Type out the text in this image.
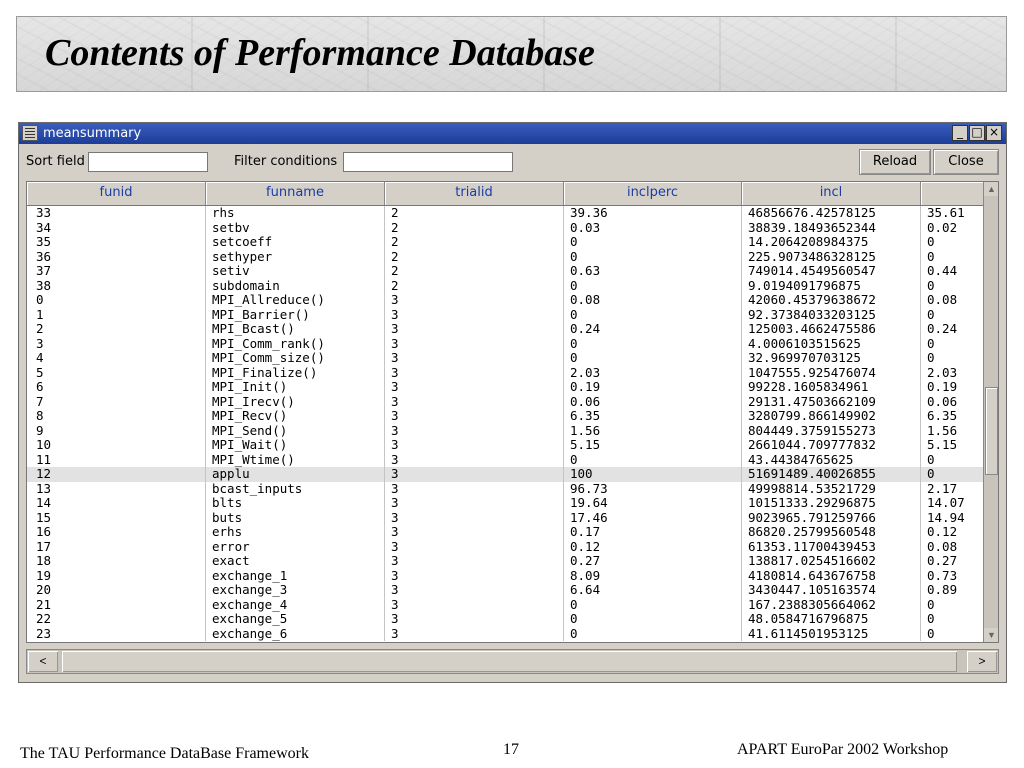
Contents of Performance Database
meansummary	_ □ ×
Sort field	Filter conditions	Reload	Close
funid	funname	trialid	inclperc	incl
33	rhs	2	39.36	46856676.42578125	35.61
34	setbv	2	0.03	38839.18493652344	0.02
35	setcoeff	2	0	14.2064208984375	0
36	sethyper	2	0	225.9073486328125	0
37	setiv	2	0.63	749014.4549560547	0.44
38	subdomain	2	0	9.0194091796875	0
0	MPI_Allreduce()	3	0.08	42060.45379638672	0.08
1	MPI_Barrier()	3	0	92.37384033203125	0
2	MPI_Bcast()	3	0.24	125003.4662475586	0.24
3	MPI_Comm_rank()	3	0	4.0006103515625	0
4	MPI_Comm_size()	3	0	32.969970703125	0
5	MPI_Finalize()	3	2.03	1047555.925476074	2.03
6	MPI_Init()	3	0.19	99228.1605834961	0.19
7	MPI_Irecv()	3	0.06	29131.47503662109	0.06
8	MPI_Recv()	3	6.35	3280799.866149902	6.35
9	MPI_Send()	3	1.56	804449.3759155273	1.56
10	MPI_Wait()	3	5.15	2661044.709777832	5.15
11	MPI_Wtime()	3	0	43.44384765625	0
12	applu	3	100	51691489.40026855	0
13	bcast_inputs	3	96.73	49998814.53521729	2.17
14	blts	3	19.64	10151333.29296875	14.07
15	buts	3	17.46	9023965.791259766	14.94
16	erhs	3	0.17	86820.25799560548	0.12
17	error	3	0.12	61353.11700439453	0.08
18	exact	3	0.27	138817.0254516602	0.27
19	exchange_1	3	8.09	4180814.643676758	0.73
20	exchange_3	3	6.64	3430447.105163574	0.89
21	exchange_4	3	0	167.2388305664062	0
22	exchange_5	3	0	48.0584716796875	0
23	exchange_6	3	0	41.6114501953125	0
▲
▼
<	>
The TAU Performance DataBase Framework	17	APART EuroPar 2002 Workshop
